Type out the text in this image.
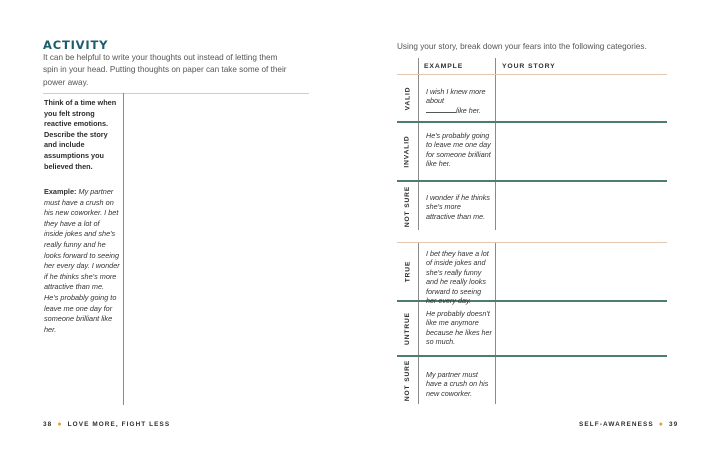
ACTIVITY
It can be helpful to write your thoughts out instead of letting them spin in your head. Putting thoughts on paper can take some of their power away.
Think of a time when you felt strong reactive emotions. Describe the story and include assumptions you believed then.
Example: My partner must have a crush on his new coworker. I bet they have a lot of inside jokes and she's really funny and he looks forward to seeing her every day. I wonder if he thinks she's more attractive than me. He's probably going to leave me one day for someone brilliant like her.
38 ● LOVE MORE, FIGHT LESS
Using your story, break down your fears into the following categories.
EXAMPLE	YOUR STORY
VALID
INVALID
NOT SURE
TRUE
UNTRUE
NOT SURE
I wish I knew more about
like her.
He's probably going to leave me one day for someone brilliant like her.
I wonder if he thinks she's more attractive than me.
I bet they have a lot of inside jokes and she's really funny and he really looks forward to seeing her every day.
He probably doesn't like me anymore because he likes her so much.
My partner must have a crush on his new coworker.
SELF-AWARENESS ● 39
